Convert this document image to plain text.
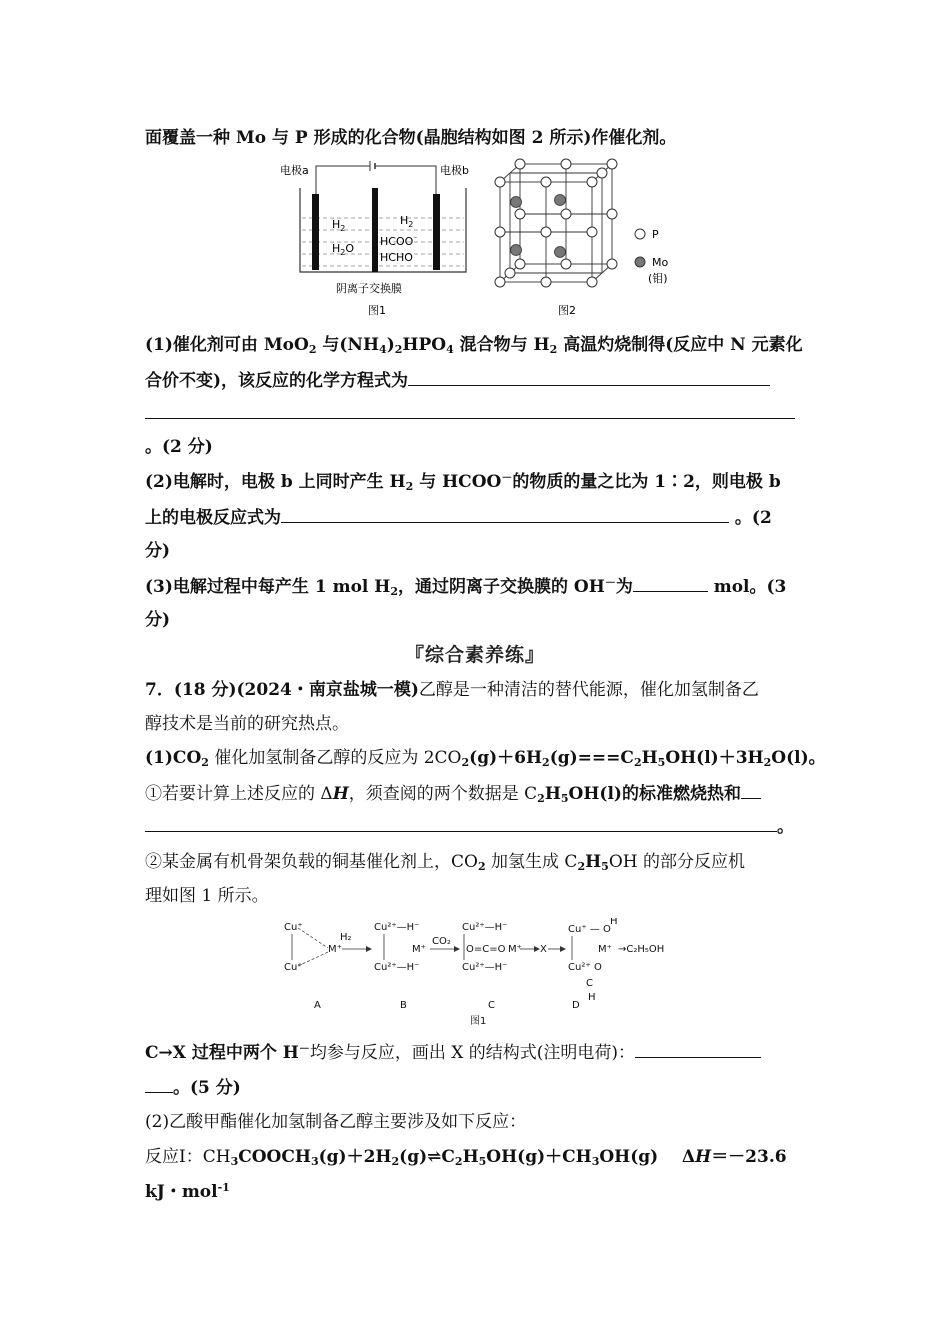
面覆盖一种 Mo 与 P 形成的化合物(晶胞结构如图 2 所示)作催化剂。
电极a	电极b
$H_2$
$H_2O$
$H_2$
HCOO⁻
HCHO
阴离子交换膜
图1
P
Mo
(钼)
图2
(1)催化剂可由 MoO$_2$ 与$(NH_4)_2HPO_4$ 混合物与 $H_2$ 高温灼烧制得(反应中 N 元素化
合价不变)，该反应的化学方程式为
。(2 分)
(2)电解时，电极 b 上同时产生 $H_2$ 与 HCOO－的物质的量之比为 1∶2，则电极 b
上的电极反应式为	。(2
分)
(3)电解过程中每产生 1 mol $H_2$，通过阴离子交换膜的 OH－为	mol。(3
分)
『综合素养练』
7．(18 分)(2024・南京盐城一模)乙醇是一种清洁的替代能源，催化加氢制备乙
醇技术是当前的研究热点。
$(1)CO_2$ 催化加氢制备乙醇的反应为 $2CO_2(g)+6H_2(g)===C_2H_5OH(l)+3H_2O(l)$。
①若要计算上述反应的 ΔH，须查阅的两个数据是 $C_2H_5OH(l)$的标准燃烧热和
。
②某金属有机骨架负载的铜基催化剂上，$CO_2$ 加氢生成 $C_2H_5OH$ 的部分反应机
理如图 1 所示。
Cu⁺
Cu⁺
M⁺
H₂
Cu²⁺—H⁻
Cu²⁺—H⁻
M⁺
CO₂
Cu²⁺—H⁻
Cu²⁺—H⁻
O=C=O M⁺ X
Cu⁺ — O
H
Cu²⁺
M⁺ →C₂H₅OH
O
C
H
A	B	C	D
图1
C→X 过程中两个 H－均参与反应，画出 X 的结构式(注明电荷)：
。(5 分)
(2)乙酸甲酯催化加氢制备乙醇主要涉及如下反应：
反应Ⅰ：$CH_3COOCH_3(g)+2H_2(g)\rightleftharpoons C_2H_5OH(g)+CH_3OH(g)$ ΔH＝－23.6
kJ・mol$^{-1}$
